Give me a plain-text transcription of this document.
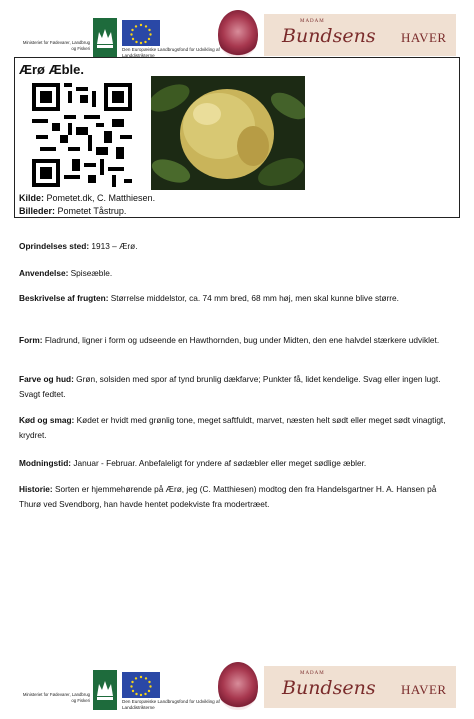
Ministeriet for Fødevarer, Landbrug og Fiskeri	Den Europæiske Landbrugsfond for Udvikling af Landdistrikterne
MADAM
Bundsens HAVER
Ærø Æble.
Kilde: Pometet.dk, C. Matthiesen.
Billeder: Pometet Tåstrup.
Oprindelses sted: 1913 – Ærø.
Anvendelse: Spiseæble.
Beskrivelse af frugten: Størrelse middelstor, ca. 74 mm bred, 68 mm høj, men skal kunne blive større.
Form: Fladrund, ligner i form og udseende en Hawthornden, bug under Midten, den ene halvdel stærkere udviklet.
Farve og hud: Grøn, solsiden med spor af tynd brunlig dækfarve; Punkter få, lidet kendelige. Svag eller ingen lugt. Svagt fedtet.
Kød og smag: Kødet er hvidt med grønlig tone, meget saftfuldt, marvet, næsten helt sødt eller meget sødt vinagtigt, krydret.
Modningstid: Januar - Februar. Anbefaleligt for yndere af sødæbler eller meget sødlige æbler.
Historie: Sorten er hjemmehørende på Ærø, jeg (C. Matthiesen) modtog den fra Handelsgartner H. A. Hansen på Thurø ved Svendborg, han havde hentet podekviste fra modertræet.
Ministeriet for Fødevarer, Landbrug og Fiskeri	Den Europæiske Landbrugsfond for Udvikling af Landdistrikterne
MADAM
Bundsens HAVER
